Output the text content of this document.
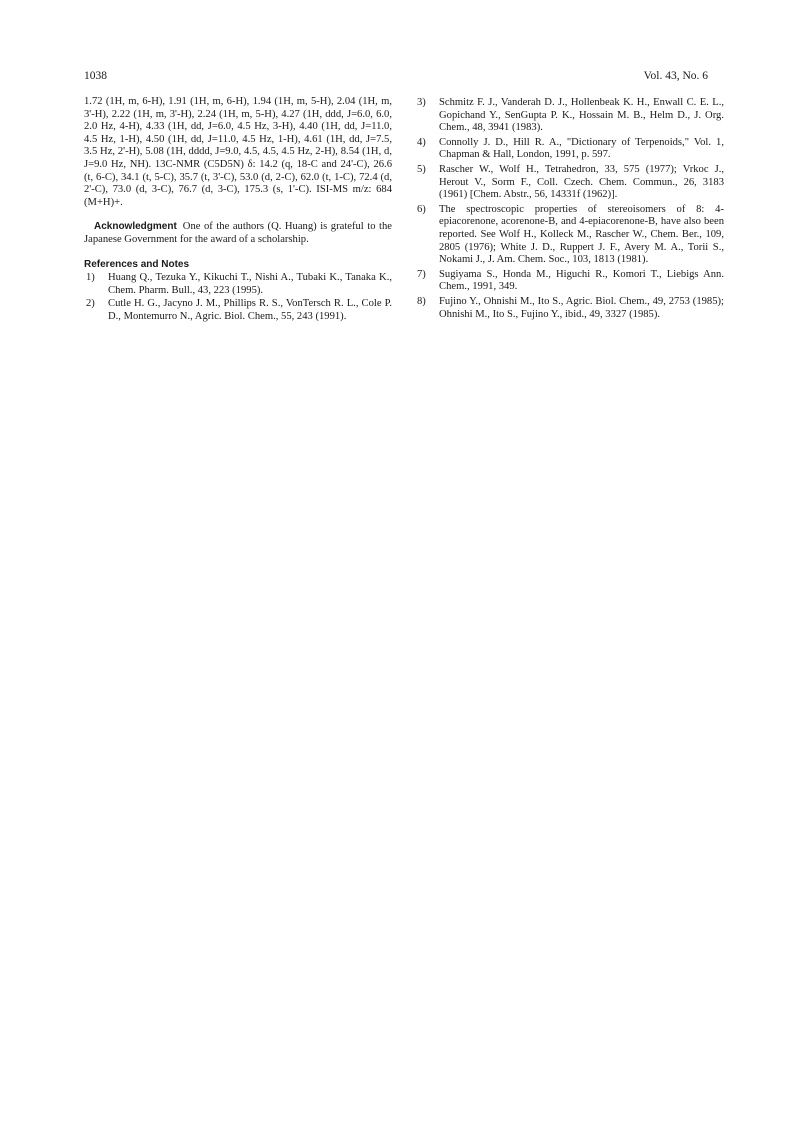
1038	Vol. 43, No. 6

1.72 (1H, m, 6-H), 1.91 (1H, m, 6-H), 1.94 (1H, m, 5-H), 2.04 (1H, m, 3'-H), 2.22 (1H, m, 3'-H), 2.24 (1H, m, 5-H), 4.27 (1H, ddd, J=6.0, 6.0, 2.0 Hz, 4-H), 4.33 (1H, dd, J=6.0, 4.5 Hz, 3-H), 4.40 (1H, dd, J=11.0, 4.5 Hz, 1-H), 4.50 (1H, dd, J=11.0, 4.5 Hz, 1-H), 4.61 (1H, dd, J=7.5, 3.5 Hz, 2'-H), 5.08 (1H, dddd, J=9.0, 4.5, 4.5, 4.5 Hz, 2-H), 8.54 (1H, d, J=9.0 Hz, NH). 13C-NMR (C5D5N) δ: 14.2 (q, 18-C and 24'-C), 26.6 (t, 6-C), 34.1 (t, 5-C), 35.7 (t, 3'-C), 53.0 (d, 2-C), 62.0 (t, 1-C), 72.4 (d, 2'-C), 73.0 (d, 3-C), 76.7 (d, 3-C), 175.3 (s, 1'-C). ISI-MS m/z: 684 (M+H)+.

Acknowledgment One of the authors (Q. Huang) is grateful to the Japanese Government for the award of a scholarship.

References and Notes
1) Huang Q., Tezuka Y., Kikuchi T., Nishi A., Tubaki K., Tanaka K., Chem. Pharm. Bull., 43, 223 (1995).
2) Cutle H. G., Jacyno J. M., Phillips R. S., VonTersch R. L., Cole P. D., Montemurro N., Agric. Biol. Chem., 55, 243 (1991).
3) Schmitz F. J., Vanderah D. J., Hollenbeak K. H., Enwall C. E. L., Gopichand Y., SenGupta P. K., Hossain M. B., Helm D., J. Org. Chem., 48, 3941 (1983).
4) Connolly J. D., Hill R. A., "Dictionary of Terpenoids," Vol. 1, Chapman & Hall, London, 1991, p. 597.
5) Rascher W., Wolf H., Tetrahedron, 33, 575 (1977); Vrkoc J., Herout V., Sorm F., Coll. Czech. Chem. Commun., 26, 3183 (1961) [Chem. Abstr., 56, 14331f (1962)].
6) The spectroscopic properties of stereoisomers of 8: 4-epiacorenone, acorenone-B, and 4-epiacorenone-B, have also been reported. See Wolf H., Kolleck M., Rascher W., Chem. Ber., 109, 2805 (1976); White J. D., Ruppert J. F., Avery M. A., Torii S., Nokami J., J. Am. Chem. Soc., 103, 1813 (1981).
7) Sugiyama S., Honda M., Higuchi R., Komori T., Liebigs Ann. Chem., 1991, 349.
8) Fujino Y., Ohnishi M., Ito S., Agric. Biol. Chem., 49, 2753 (1985); Ohnishi M., Ito S., Fujino Y., ibid., 49, 3327 (1985).
